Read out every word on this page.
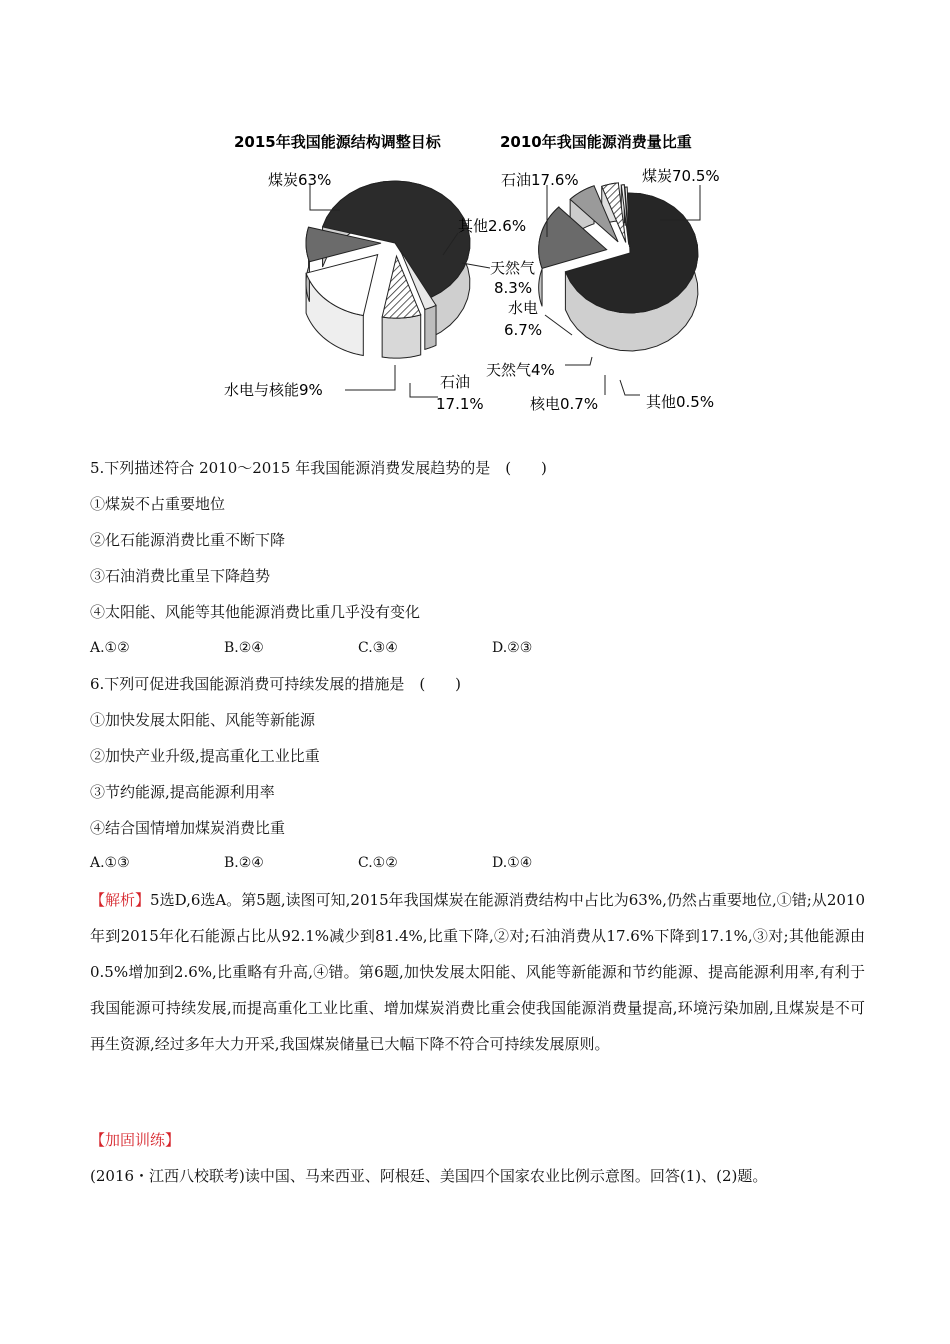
2015年我国能源结构调整目标	2010年我国能源消费量比重
煤炭63%
其他2.6%
天然气
8.3%
石油
17.1%
水电与核能9%
煤炭70.5%
石油17.6%
水电
6.7%
天然气4%
核电0.7%	其他0.5%
5.下列描述符合 2010～2015 年我国能源消费发展趋势的是　(　　)
①煤炭不占重要地位
②化石能源消费比重不断下降
③石油消费比重呈下降趋势
④太阳能、风能等其他能源消费比重几乎没有变化
A.①②	B.②④	C.③④	D.②③
6.下列可促进我国能源消费可持续发展的措施是　(　　)
①加快发展太阳能、风能等新能源
②加快产业升级,提高重化工业比重
③节约能源,提高能源利用率
④结合国情增加煤炭消费比重
A.①③	B.②④	C.①②	D.①④
【解析】5选D,6选A。第5题,读图可知,2015年我国煤炭在能源消费结构中占比为63%,仍然占重要地位,①错;从2010年到2015年化石能源占比从92.1%减少到81.4%,比重下降,②对;石油消费从17.6%下降到17.1%,③对;其他能源由0.5%增加到2.6%,比重略有升高,④错。第6题,加快发展太阳能、风能等新能源和节约能源、提高能源利用率,有利于我国能源可持续发展,而提高重化工业比重、增加煤炭消费比重会使我国能源消费量提高,环境污染加剧,且煤炭是不可再生资源,经过多年大力开采,我国煤炭储量已大幅下降不符合可持续发展原则。
【加固训练】
(2016・江西八校联考)读中国、马来西亚、阿根廷、美国四个国家农业比例示意图。回答(1)、(2)题。
